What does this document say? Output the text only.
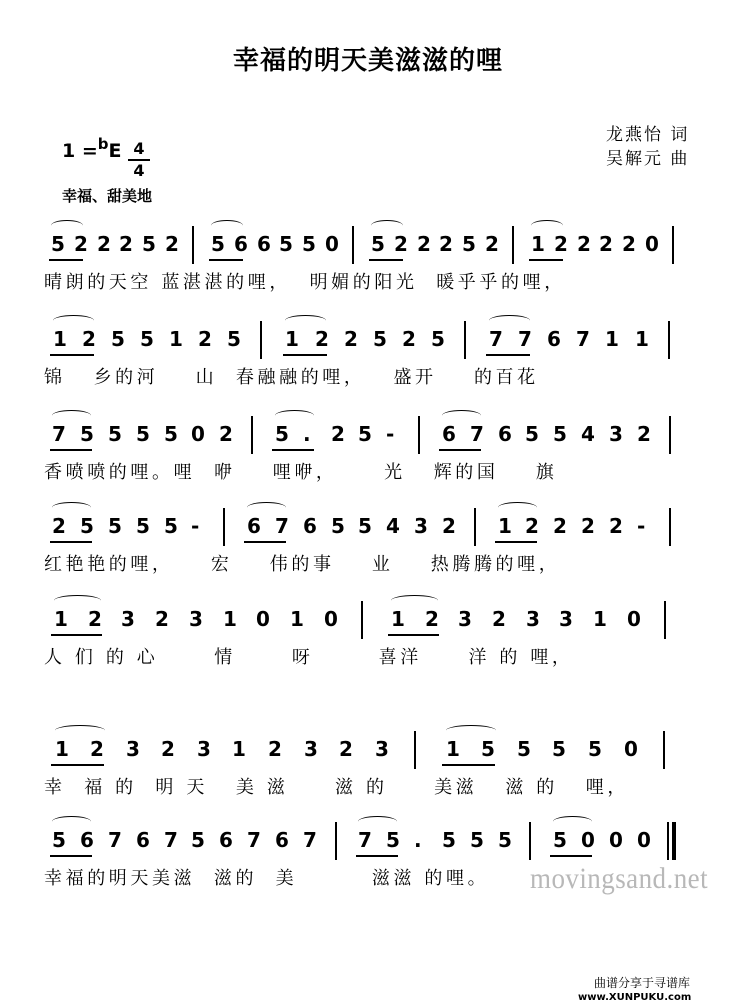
幸福的明天美滋滋的哩
龙燕怡 词
吴解元 曲
1 =$^b$E 4
4
幸福、甜美地
5 2 2 2 5 2 5 6 6 5 5 0 5 2 2 2 5 2 1 2 2 2 2 0
晴朗的天空 蓝湛湛的哩，  明媚的阳光  暖乎乎的哩，
1 2 5 5 1 2 5 1 2 2 5 2 5 7 7 6 7 1 1
锦   乡的河    山  春融融的哩，   盛开    的百花
7 5 5 5 5 0 2 5 . 2 5 - 6 7 6 5 5 4 3 2
香喷喷的哩。哩  咿    哩咿，     光   辉的国    旗
2 5 5 5 5 - 6 7 6 5 5 4 3 2 1 2 2 2 2 -
红艳艳的哩，    宏    伟的事    业    热腾腾的哩，
1 2 3 2 3 1 0 1 0	1 2 3 2 3 3 1 0
人 们 的 心      情      呀       喜洋     洋 的 哩，
1 2 3 2 3 1 2 3 2 3	1 5 5 5 5 0
幸  福 的  明 天   美 滋     滋 的     美滋   滋 的   哩，
5 6 7 6 7 5 6 7 6 7 7 5 . 5 5 5 5 0 0 0
幸福的明天美滋  滋的  美        滋滋 的哩。	movingsand.net
曲谱分享于寻谱库
www.XUNPUKU.com
